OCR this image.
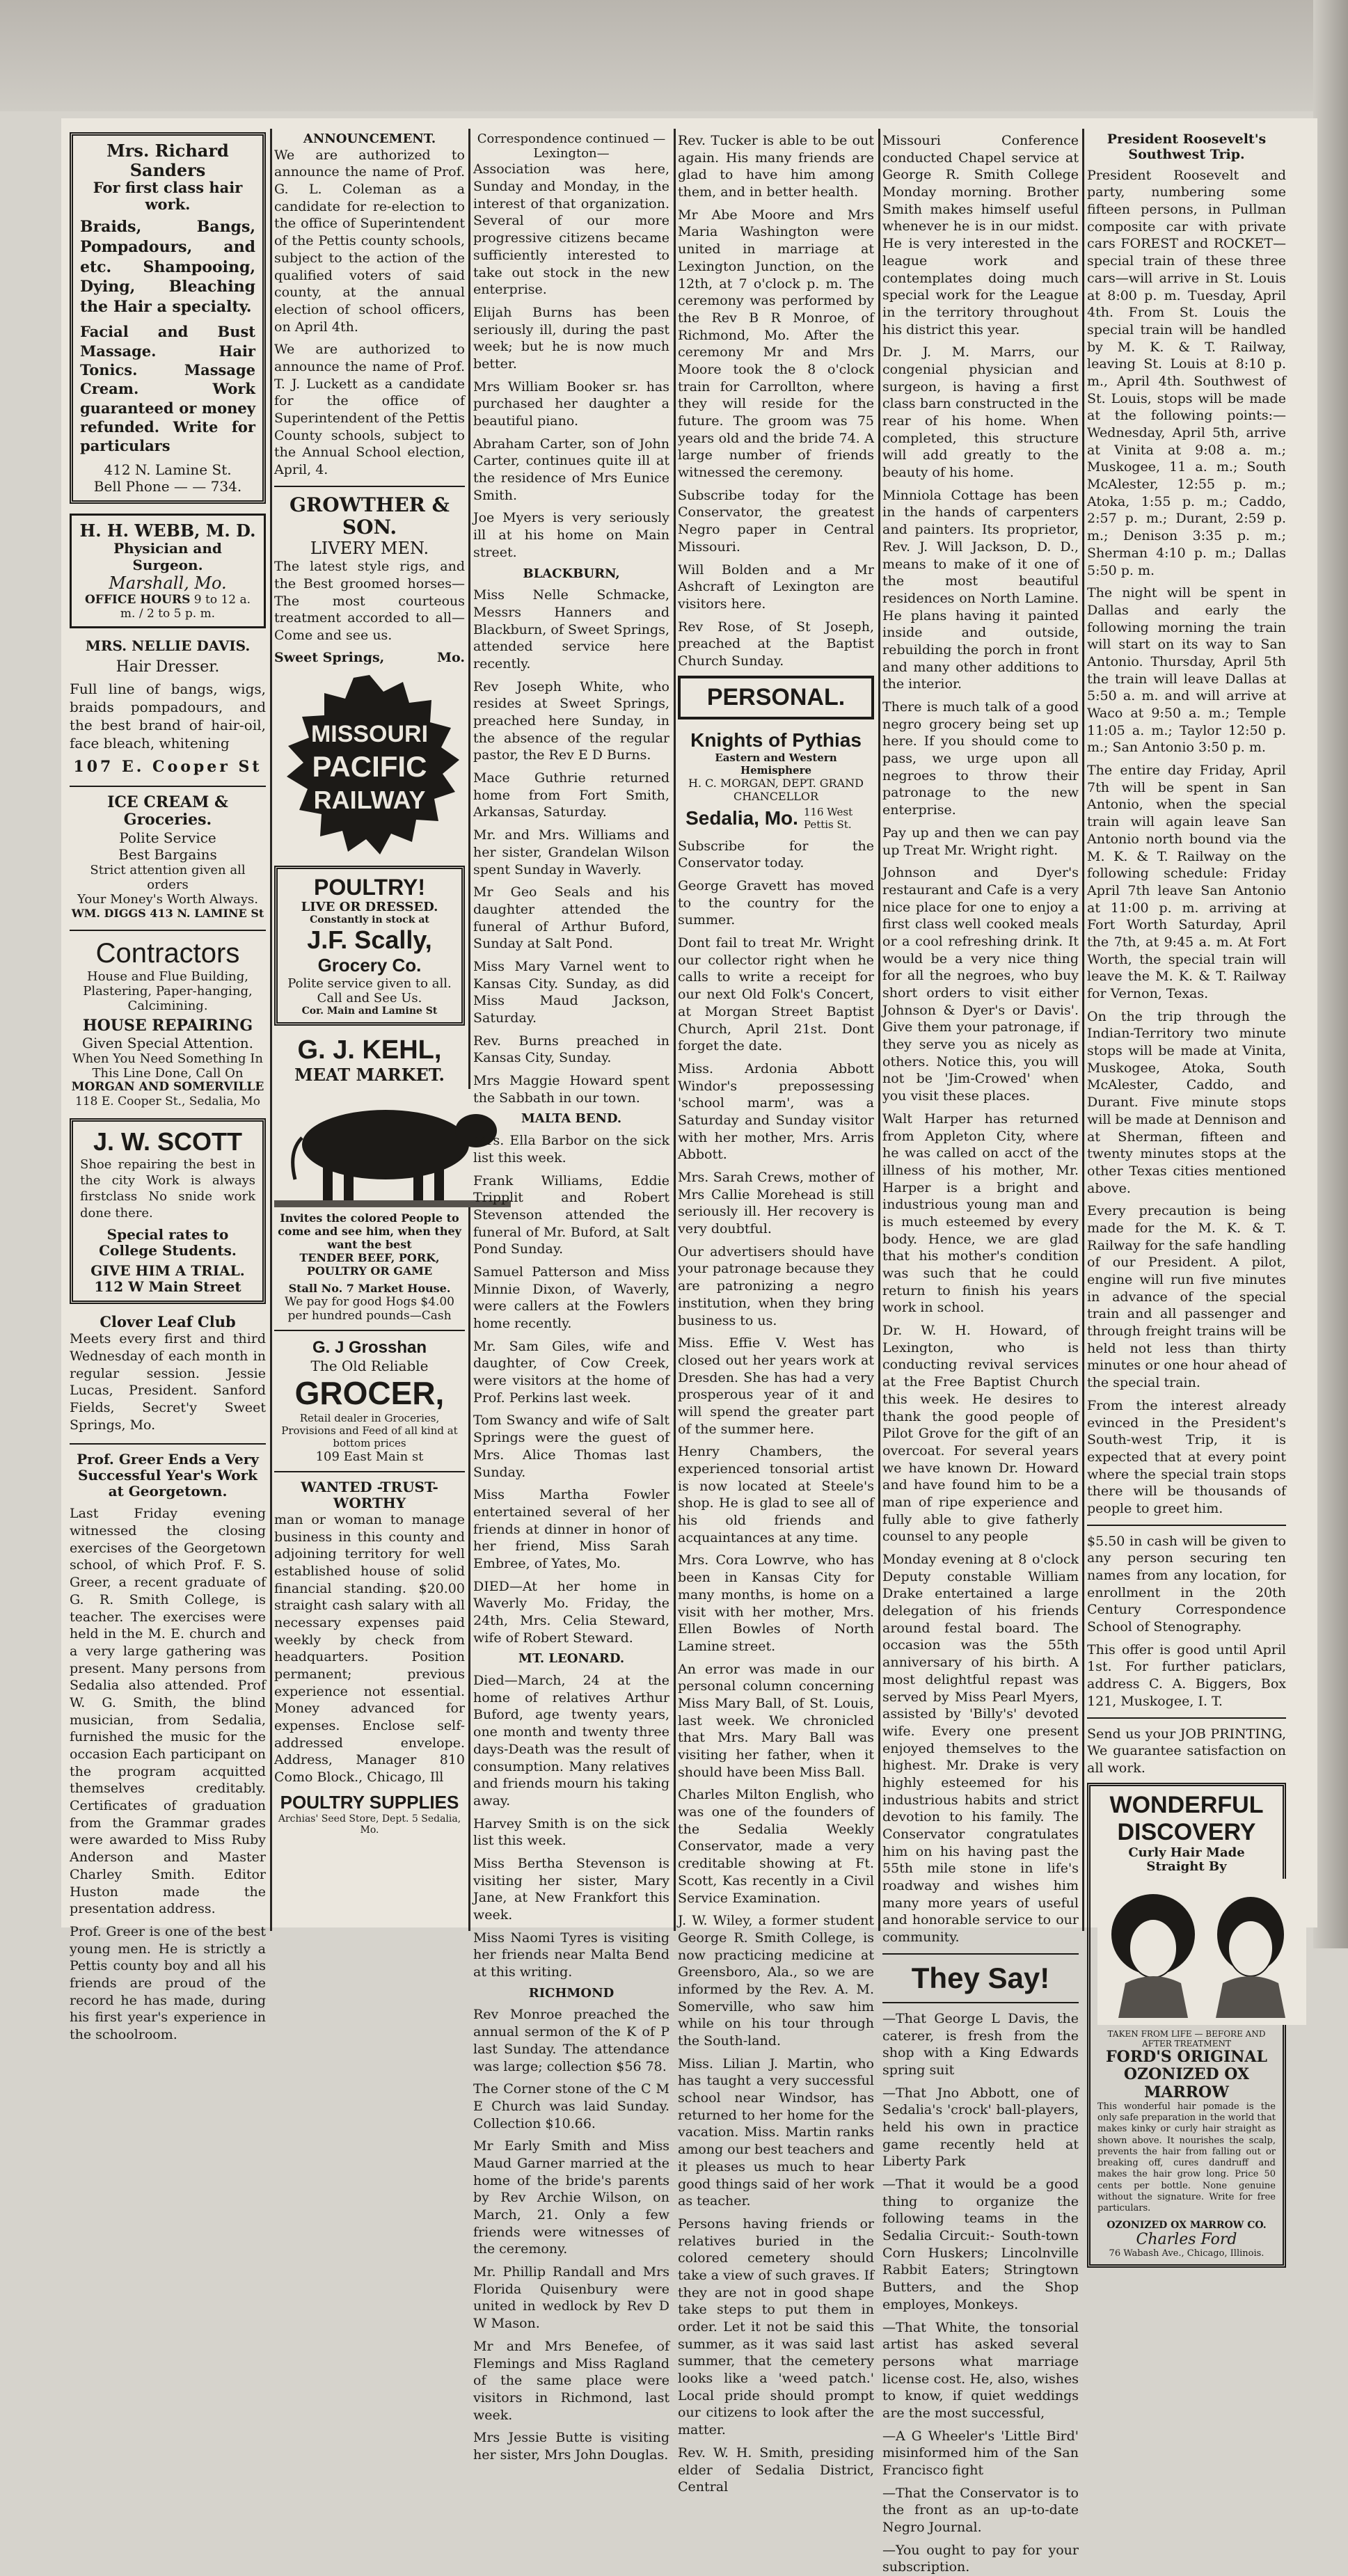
Mrs. Richard Sanders
For first class hair work.
Braids, Bangs, Pompadours, and etc. Shampooing, Dying, Bleaching the Hair a specialty.
Facial and Bust Massage. Hair Tonics. Massage Cream. Work guaranteed or money refunded. Write for particulars
412 N. Lamine St.
Bell Phone — — 734.
H. H. WEBB, M. D.
Physician and Surgeon.
Marshall, Mo.
OFFICE HOURS 9 to 12 a. m. / 2 to 5 p. m.
MRS. NELLIE DAVIS.
Hair Dresser.
Full line of bangs, wigs, braids pompadours, and the best brand of hair-oil, face bleach, whitening
107 E. Cooper St
ICE CREAM & Groceries.
Polite Service
Best Bargains
Strict attention given all orders
Your Money's Worth Always.
WM. DIGGS 413 N. LAMINE St
Contractors
House and Flue Building, Plastering, Paper-hanging, Calcimining.
HOUSE REPAIRING
Given Special Attention.
When You Need Something In This Line Done, Call On
MORGAN AND SOMERVILLE
118 E. Cooper St., Sedalia, Mo
J. W. SCOTT
Shoe repairing the best in the city Work is always firstclass No snide work done there.
Special rates to College Students.
GIVE HIM A TRIAL.
112 W Main Street
Clover Leaf Club
Meets every first and third Wednesday of each month in regular session. Jessie Lucas, President. Sanford Fields, Secret'y Sweet Springs, Mo.
Prof. Greer Ends a Very Successful Year's Work at Georgetown.
Last Friday evening witnessed the closing exercises of the Georgetown school, of which Prof. F. S. Greer, a recent graduate of G. R. Smith College, is teacher. The exercises were held in the M. E. church and a very large gathering was present. Many persons from Sedalia also attended. Prof W. G. Smith, the blind musician, from Sedalia, furnished the music for the occasion Each participant on the program acquitted themselves creditably. Certificates of graduation from the Grammar grades were awarded to Miss Ruby Anderson and Master Charley Smith. Editor Huston made the presentation address.
Prof. Greer is one of the best young men. He is strictly a Pettis county boy and all his friends are proud of the record he has made, during his first year's experience in the schoolroom.
ANNOUNCEMENT.
We are authorized to announce the name of Prof. G. L. Coleman as a candidate for re-election to the office of Superintendent of the Pettis county schools, subject to the action of the qualified voters of said county, at the annual election of school officers, on April 4th.
We are authorized to announce the name of Prof. T. J. Luckett as a candidate for the office of Superintendent of the Pettis County schools, subject to the Annual School election, April, 4.
GROWTHER & SON.
LIVERY MEN.
The latest style rigs, and the Best groomed horses—The most courteous treatment accorded to all—Come and see us.
Sweet Springs,	Mo.
MISSOURI
PACIFIC
RAILWAY
POULTRY!
LIVE OR DRESSED.
Constantly in stock at
J.F. Scally,
Grocery Co.
Polite service given to all. Call and See Us.
Cor. Main and Lamine St
G. J. KEHL,
MEAT MARKET.
Invites the colored People to come and see him, when they want the best
TENDER BEEF, PORK, POULTRY OR GAME
Stall No. 7 Market House.
We pay for good Hogs $4.00 per hundred pounds—Cash
G. J Grosshan
The Old Reliable
GROCER,
Retail dealer in Groceries, Provisions and Feed of all kind at bottom prices
109 East Main st
WANTED -TRUST-WORTHY
man or woman to manage business in this county and adjoining territory for well established house of solid financial standing. $20.00 straight cash salary with all necessary expenses paid weekly by check from headquarters. Position permanent; previous experience not essential. Money advanced for expenses. Enclose self-addressed envelope. Address, Manager 810 Como Block., Chicago, Ill
POULTRY SUPPLIES
Archias' Seed Store, Dept. 5 Sedalia, Mo.
Correspondence continued —Lexington—
Association was here, Sunday and Monday, in the interest of that organization. Several of our more progressive citizens became sufficiently interested to take out stock in the new enterprise.
Elijah Burns has been seriously ill, during the past week; but he is now much better.
Mrs William Booker sr. has purchased her daughter a beautiful piano.
Abraham Carter, son of John Carter, continues quite ill at the residence of Mrs Eunice Smith.
Joe Myers is very seriously ill at his home on Main street.
BLACKBURN,
Miss Nelle Schmacke, Messrs Hanners and Blackburn, of Sweet Springs, attended service here recently.
Rev Joseph White, who resides at Sweet Springs, preached here Sunday, in the absence of the regular pastor, the Rev E D Burns.
Mace Guthrie returned home from Fort Smith, Arkansas, Saturday.
Mr. and Mrs. Williams and her sister, Grandelan Wilson spent Sunday in Waverly.
Mr Geo Seals and his daughter attended the funeral of Arthur Buford, Sunday at Salt Pond.
Miss Mary Varnel went to Kansas City. Sunday, as did Miss Maud Jackson, Saturday.
Rev. Burns preached in Kansas City, Sunday.
Mrs Maggie Howard spent the Sabbath in our town.
MALTA BEND.
Mrs. Ella Barbor on the sick list this week.
Frank Williams, Eddie Tripplit and Robert Stevenson attended the funeral of Mr. Buford, at Salt Pond Sunday.
Samuel Patterson and Miss Minnie Dixon, of Waverly, were callers at the Fowlers home recently.
Mr. Sam Giles, wife and daughter, of Cow Creek, were visitors at the home of Prof. Perkins last week.
Tom Swancy and wife of Salt Springs were the guest of Mrs. Alice Thomas last Sunday.
Miss Martha Fowler entertained several of her friends at dinner in honor of her friend, Miss Sarah Embree, of Yates, Mo.
DIED—At her home in Waverly Mo. Friday, the 24th, Mrs. Celia Steward, wife of Robert Steward.
MT. LEONARD.
Died—March, 24 at the home of relatives Arthur Buford, age twenty years, one month and twenty three days-Death was the result of consumption. Many relatives and friends mourn his taking away.
Harvey Smith is on the sick list this week.
Miss Bertha Stevenson is visiting her sister, Mary Jane, at New Frankfort this week.
Miss Naomi Tyres is visiting her friends near Malta Bend at this writing.
RICHMOND
Rev Monroe preached the annual sermon of the K of P last Sunday. The attendance was large; collection $56 78.
The Corner stone of the C M E Church was laid Sunday. Collection $10.66.
Mr Early Smith and Miss Maud Garner married at the home of the bride's parents by Rev Archie Wilson, on March, 21. Only a few friends were witnesses of the ceremony.
Mr. Phillip Randall and Mrs Florida Quisenbury were united in wedlock by Rev D W Mason.
Mr and Mrs Benefee, of Flemings and Miss Ragland of the same place were visitors in Richmond, last week.
Mrs Jessie Butte is visiting her sister, Mrs John Douglas.
Rev. Tucker is able to be out again. His many friends are glad to have him among them, and in better health.
Mr Abe Moore and Mrs Maria Washington were united in marriage at Lexington Junction, on the 12th, at 7 o'clock p. m. The ceremony was performed by the Rev B R Monroe, of Richmond, Mo. After the ceremony Mr and Mrs Moore took the 8 o'clock train for Carrollton, where they will reside for the future. The groom was 75 years old and the bride 74. A large number of friends witnessed the ceremony.
Subscribe today for the Conservator, the greatest Negro paper in Central Missouri.
Will Bolden and a Mr Ashcraft of Lexington are visitors here.
Rev Rose, of St Joseph, preached at the Baptist Church Sunday.
PERSONAL.
Knights of Pythias
Eastern and Western Hemisphere
H. C. MORGAN, DEPT. GRAND CHANCELLOR
Sedalia, Mo. 116 West Pettis St.
Subscribe for the Conservator today.
George Gravett has moved to the country for the summer.
Dont fail to treat Mr. Wright our collector right when he calls to write a receipt for our next Old Folk's Concert, at Morgan Street Baptist Church, April 21st. Dont forget the date.
Miss. Ardonia Abbott Windor's prepossessing 'school marm', was a Saturday and Sunday visitor with her mother, Mrs. Arris Abbott.
Mrs. Sarah Crews, mother of Mrs Callie Morehead is still seriously ill. Her recovery is very doubtful.
Our advertisers should have your patronage because they are patronizing a negro institution, when they bring business to us.
Miss. Effie V. West has closed out her years work at Dresden. She has had a very prosperous year of it and will spend the greater part of the summer here.
Henry Chambers, the experienced tonsorial artist is now located at Steele's shop. He is glad to see all of his old friends and acquaintances at any time.
Mrs. Cora Lowrve, who has been in Kansas City for many months, is home on a visit with her mother, Mrs. Ellen Bowles of North Lamine street.
An error was made in our personal column concerning Miss Mary Ball, of St. Louis, last week. We chronicled that Mrs. Mary Ball was visiting her father, when it should have been Miss Ball.
Charles Milton English, who was one of the founders of the Sedalia Weekly Conservator, made a very creditable showing at Ft. Scott, Kas recently in a Civil Service Examination.
J. W. Wiley, a former student George R. Smith College, is now practicing medicine at Greensboro, Ala., so we are informed by the Rev. A. M. Somerville, who saw him while on his tour through the South-land.
Miss. Lilian J. Martin, who has taught a very successful school near Windsor, has returned to her home for the vacation. Miss. Martin ranks among our best teachers and it pleases us much to hear good things said of her work as teacher.
Persons having friends or relatives buried in the colored cemetery should take a view of such graves. If they are not in good shape take steps to put them in order. Let it not be said this summer, as it was said last summer, that the cemetery looks like a 'weed patch.' Local pride should prompt our citizens to look after the matter.
Rev. W. H. Smith, presiding elder of Sedalia District, Central
Missouri Conference conducted Chapel service at George R. Smith College Monday morning. Brother Smith makes himself useful whenever he is in our midst. He is very interested in the league work and contemplates doing much special work for the League in the territory throughout his district this year.
Dr. J. M. Marrs, our congenial physician and surgeon, is having a first class barn constructed in the rear of his home. When completed, this structure will add greatly to the beauty of his home.
Minniola Cottage has been in the hands of carpenters and painters. Its proprietor, Rev. J. Will Jackson, D. D., means to make of it one of the most beautiful residences on North Lamine. He plans having it painted inside and outside, rebuilding the porch in front and many other additions to the interior.
There is much talk of a good negro grocery being set up here. If you should come to pass, we urge upon all negroes to throw their patronage to the new enterprise.
Pay up and then we can pay up Treat Mr. Wright right.
Johnson and Dyer's restaurant and Cafe is a very nice place for one to enjoy a first class well cooked meals or a cool refreshing drink. It would be a very nice thing for all the negroes, who buy short orders to visit either Johnson & Dyer's or Davis'. Give them your patronage, if they serve you as nicely as others. Notice this, you will not be 'Jim-Crowed' when you visit these places.
Walt Harper has returned from Appleton City, where he was called on acct of the illness of his mother, Mr. Harper is a bright and industrious young man and is much esteemed by every body. Hence, we are glad that his mother's condition was such that he could return to finish his years work in school.
Dr. W. H. Howard, of Lexington, who is conducting revival services at the Free Baptist Church this week. He desires to thank the good people of Pilot Grove for the gift of an overcoat. For several years we have known Dr. Howard and have found him to be a man of ripe experience and fully able to give fatherly counsel to any people
Monday evening at 8 o'clock Deputy constable William Drake entertained a large delegation of his friends around festal board. The occasion was the 55th anniversary of his birth. A most delightful repast was served by Miss Pearl Myers, assisted by 'Billy's' devoted wife. Every one present enjoyed themselves to the highest. Mr. Drake is very highly esteemed for his industrious habits and strict devotion to his family. The Conservator congratulates him on his having past the 55th mile stone in life's roadway and wishes him many more years of useful and honorable service to our community.
They Say!
—That George L Davis, the caterer, is fresh from the shop with a King Edwards spring suit
—That Jno Abbott, one of Sedalia's 'crock' ball-players, held his own in practice game recently held at Liberty Park
—That it would be a good thing to organize the following teams in the Sedalia Circuit:- South-town Corn Huskers; Lincolnville Rabbit Eaters; Stringtown Butters, and the Shop employes, Monkeys.
—That White, the tonsorial artist has asked several persons what marriage license cost. He, also, wishes to know, if quiet weddings are the most successful,
—A G Wheeler's 'Little Bird' misinformed him of the San Francisco fight
—That the Conservator is to the front as an up-to-date Negro Journal.
—You ought to pay for your subscription.
President Roosevelt's Southwest Trip.
President Roosevelt and party, numbering some fifteen persons, in Pullman composite car with private cars FOREST and ROCKET— special train of these three cars—will arrive in St. Louis at 8:00 p. m. Tuesday, April 4th. From St. Louis the special train will be handled by M. K. & T. Railway, leaving St. Louis at 8:10 p. m., April 4th. Southwest of St. Louis, stops will be made at the following points:—Wednesday, April 5th, arrive at Vinita at 9:08 a. m.; Muskogee, 11 a. m.; South McAlester, 12:55 p. m.; Atoka, 1:55 p. m.; Caddo, 2:57 p. m.; Durant, 2:59 p. m.; Denison 3:35 p. m.; Sherman 4:10 p. m.; Dallas 5:50 p. m.
The night will be spent in Dallas and early the following morning the train will start on its way to San Antonio. Thursday, April 5th the train will leave Dallas at 5:50 a. m. and will arrive at Waco at 9:50 a. m.; Temple 11:05 a. m.; Taylor 12:50 p. m.; San Antonio 3:50 p. m.
The entire day Friday, April 7th will be spent in San Antonio, when the special train will again leave San Antonio north bound via the M. K. & T. Railway on the following schedule: Friday April 7th leave San Antonio at 11:00 p. m. arriving at Fort Worth Saturday, April the 7th, at 9:45 a. m. At Fort Worth, the special train will leave the M. K. & T. Railway for Vernon, Texas.
On the trip through the Indian-Territory two minute stops will be made at Vinita, Muskogee, Atoka, South McAlester, Caddo, and Durant. Five minute stops will be made at Dennison and at Sherman, fifteen and twenty minutes stops at the other Texas cities mentioned above.
Every precaution is being made for the M. K. & T. Railway for the safe handling of our President. A pilot, engine will run five minutes in advance of the special train and all passenger and through freight trains will be held not less than thirty minutes or one hour ahead of the special train.
From the interest already evinced in the President's South-west Trip, it is expected that at every point where the special train stops there will be thousands of people to greet him.
$5.50 in cash will be given to any person securing ten names from any location, for enrollment in the 20th Century Correspondence School of Stenography.
This offer is good until April 1st. For further paticlars, address C. A. Biggers, Box 121, Muskogee, I. T.
Send us your JOB PRINTING, We guarantee satisfaction on all work.
WONDERFUL
DISCOVERY
Curly Hair Made Straight By
TAKEN FROM LIFE — BEFORE AND AFTER TREATMENT
FORD'S ORIGINAL
OZONIZED OX MARROW
This wonderful hair pomade is the only safe preparation in the world that makes kinky or curly hair straight as shown above. It nourishes the scalp, prevents the hair from falling out or breaking off, cures dandruff and makes the hair grow long. Price 50 cents per bottle. None genuine without the signature. Write for free particulars.
OZONIZED OX MARROW CO.
Charles Ford
76 Wabash Ave., Chicago, Illinois.
